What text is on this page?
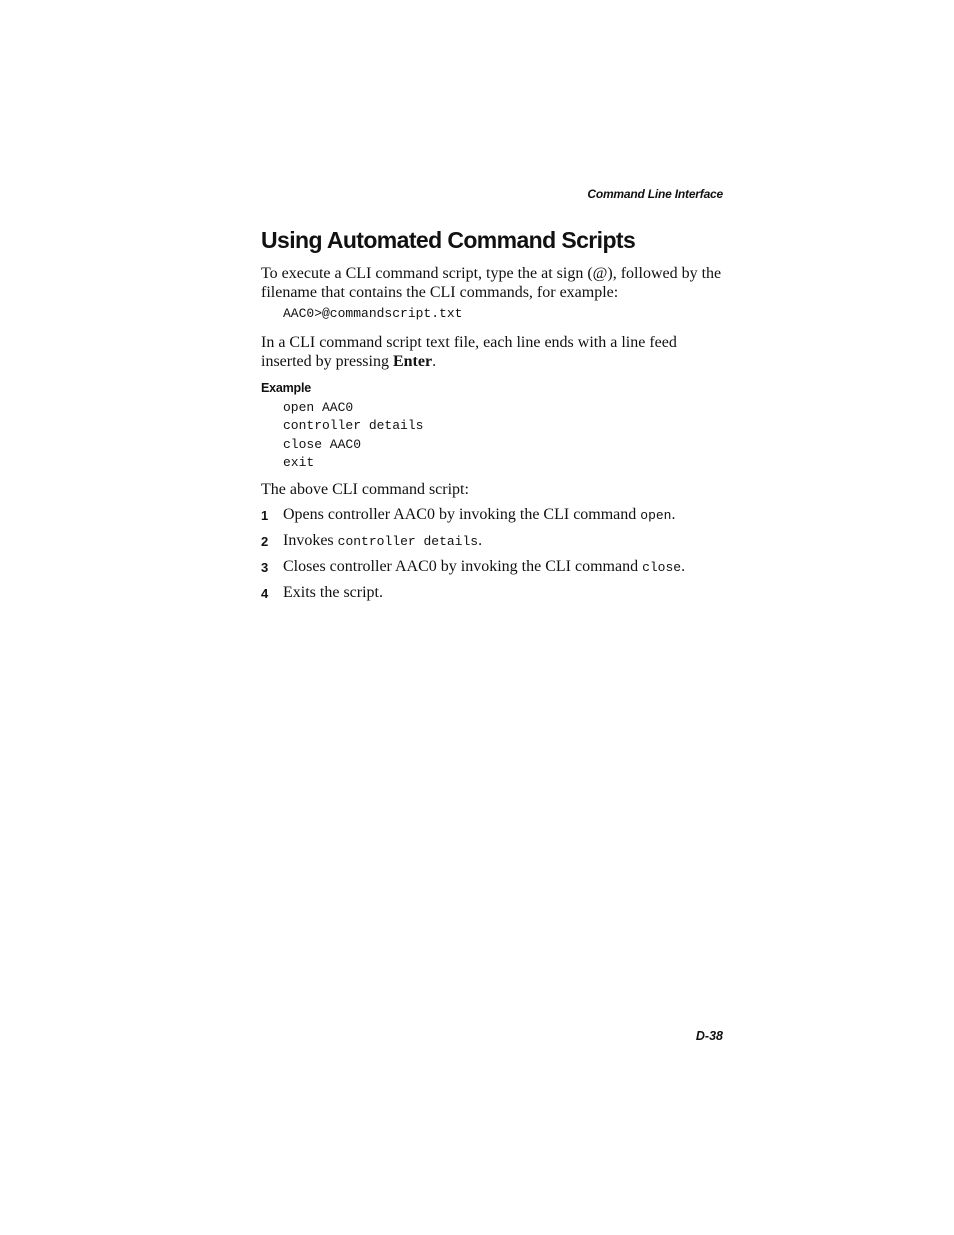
Command Line Interface
Using Automated Command Scripts

To execute a CLI command script, type the at sign (@), followed by the filename that contains the CLI commands, for example:

AAC0>@commandscript.txt

In a CLI command script text file, each line ends with a line feed inserted by pressing Enter.

Example
open AAC0
controller details
close AAC0
exit

The above CLI command script:

1 Opens controller AAC0 by invoking the CLI command open.
2 Invokes controller details.
3 Closes controller AAC0 by invoking the CLI command close.
4 Exits the script.
D-38
